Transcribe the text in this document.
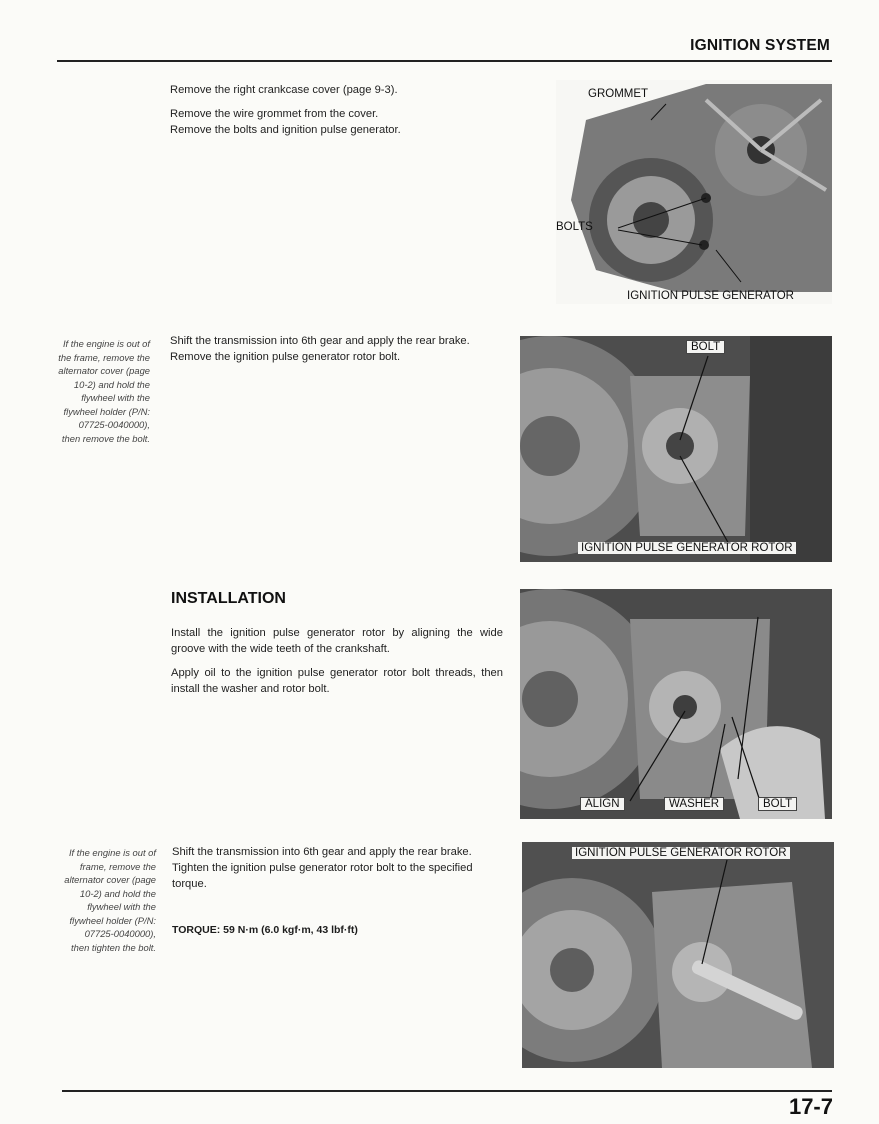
IGNITION SYSTEM

Remove the right crankcase cover (page 9-3).

Remove the wire grommet from the cover.
Remove the bolts and ignition pulse generator.

GROMMET
BOLTS
IGNITION PULSE GENERATOR
If the engine is out of the frame, remove the alternator cover (page 10-2) and hold the flywheel with the flywheel holder (P/N: 07725-0040000), then remove the bolt.
Shift the transmission into 6th gear and apply the rear brake.
Remove the ignition pulse generator rotor bolt.
BOLT
IGNITION PULSE GENERATOR ROTOR
INSTALLATION

Install the ignition pulse generator rotor by aligning the wide groove with the wide teeth of the crankshaft.

Apply oil to the ignition pulse generator rotor bolt threads, then install the washer and rotor bolt.

ALIGN	WASHER	BOLT
If the engine is out of frame, remove the alternator cover (page 10-2) and hold the flywheel with the flywheel holder (P/N: 07725-0040000), then tighten the bolt.
Shift the transmission into 6th gear and apply the rear brake.
Tighten the ignition pulse generator rotor bolt to the specified torque.
TORQUE: 59 N·m (6.0 kgf·m, 43 lbf·ft)
IGNITION PULSE GENERATOR ROTOR
17-7
